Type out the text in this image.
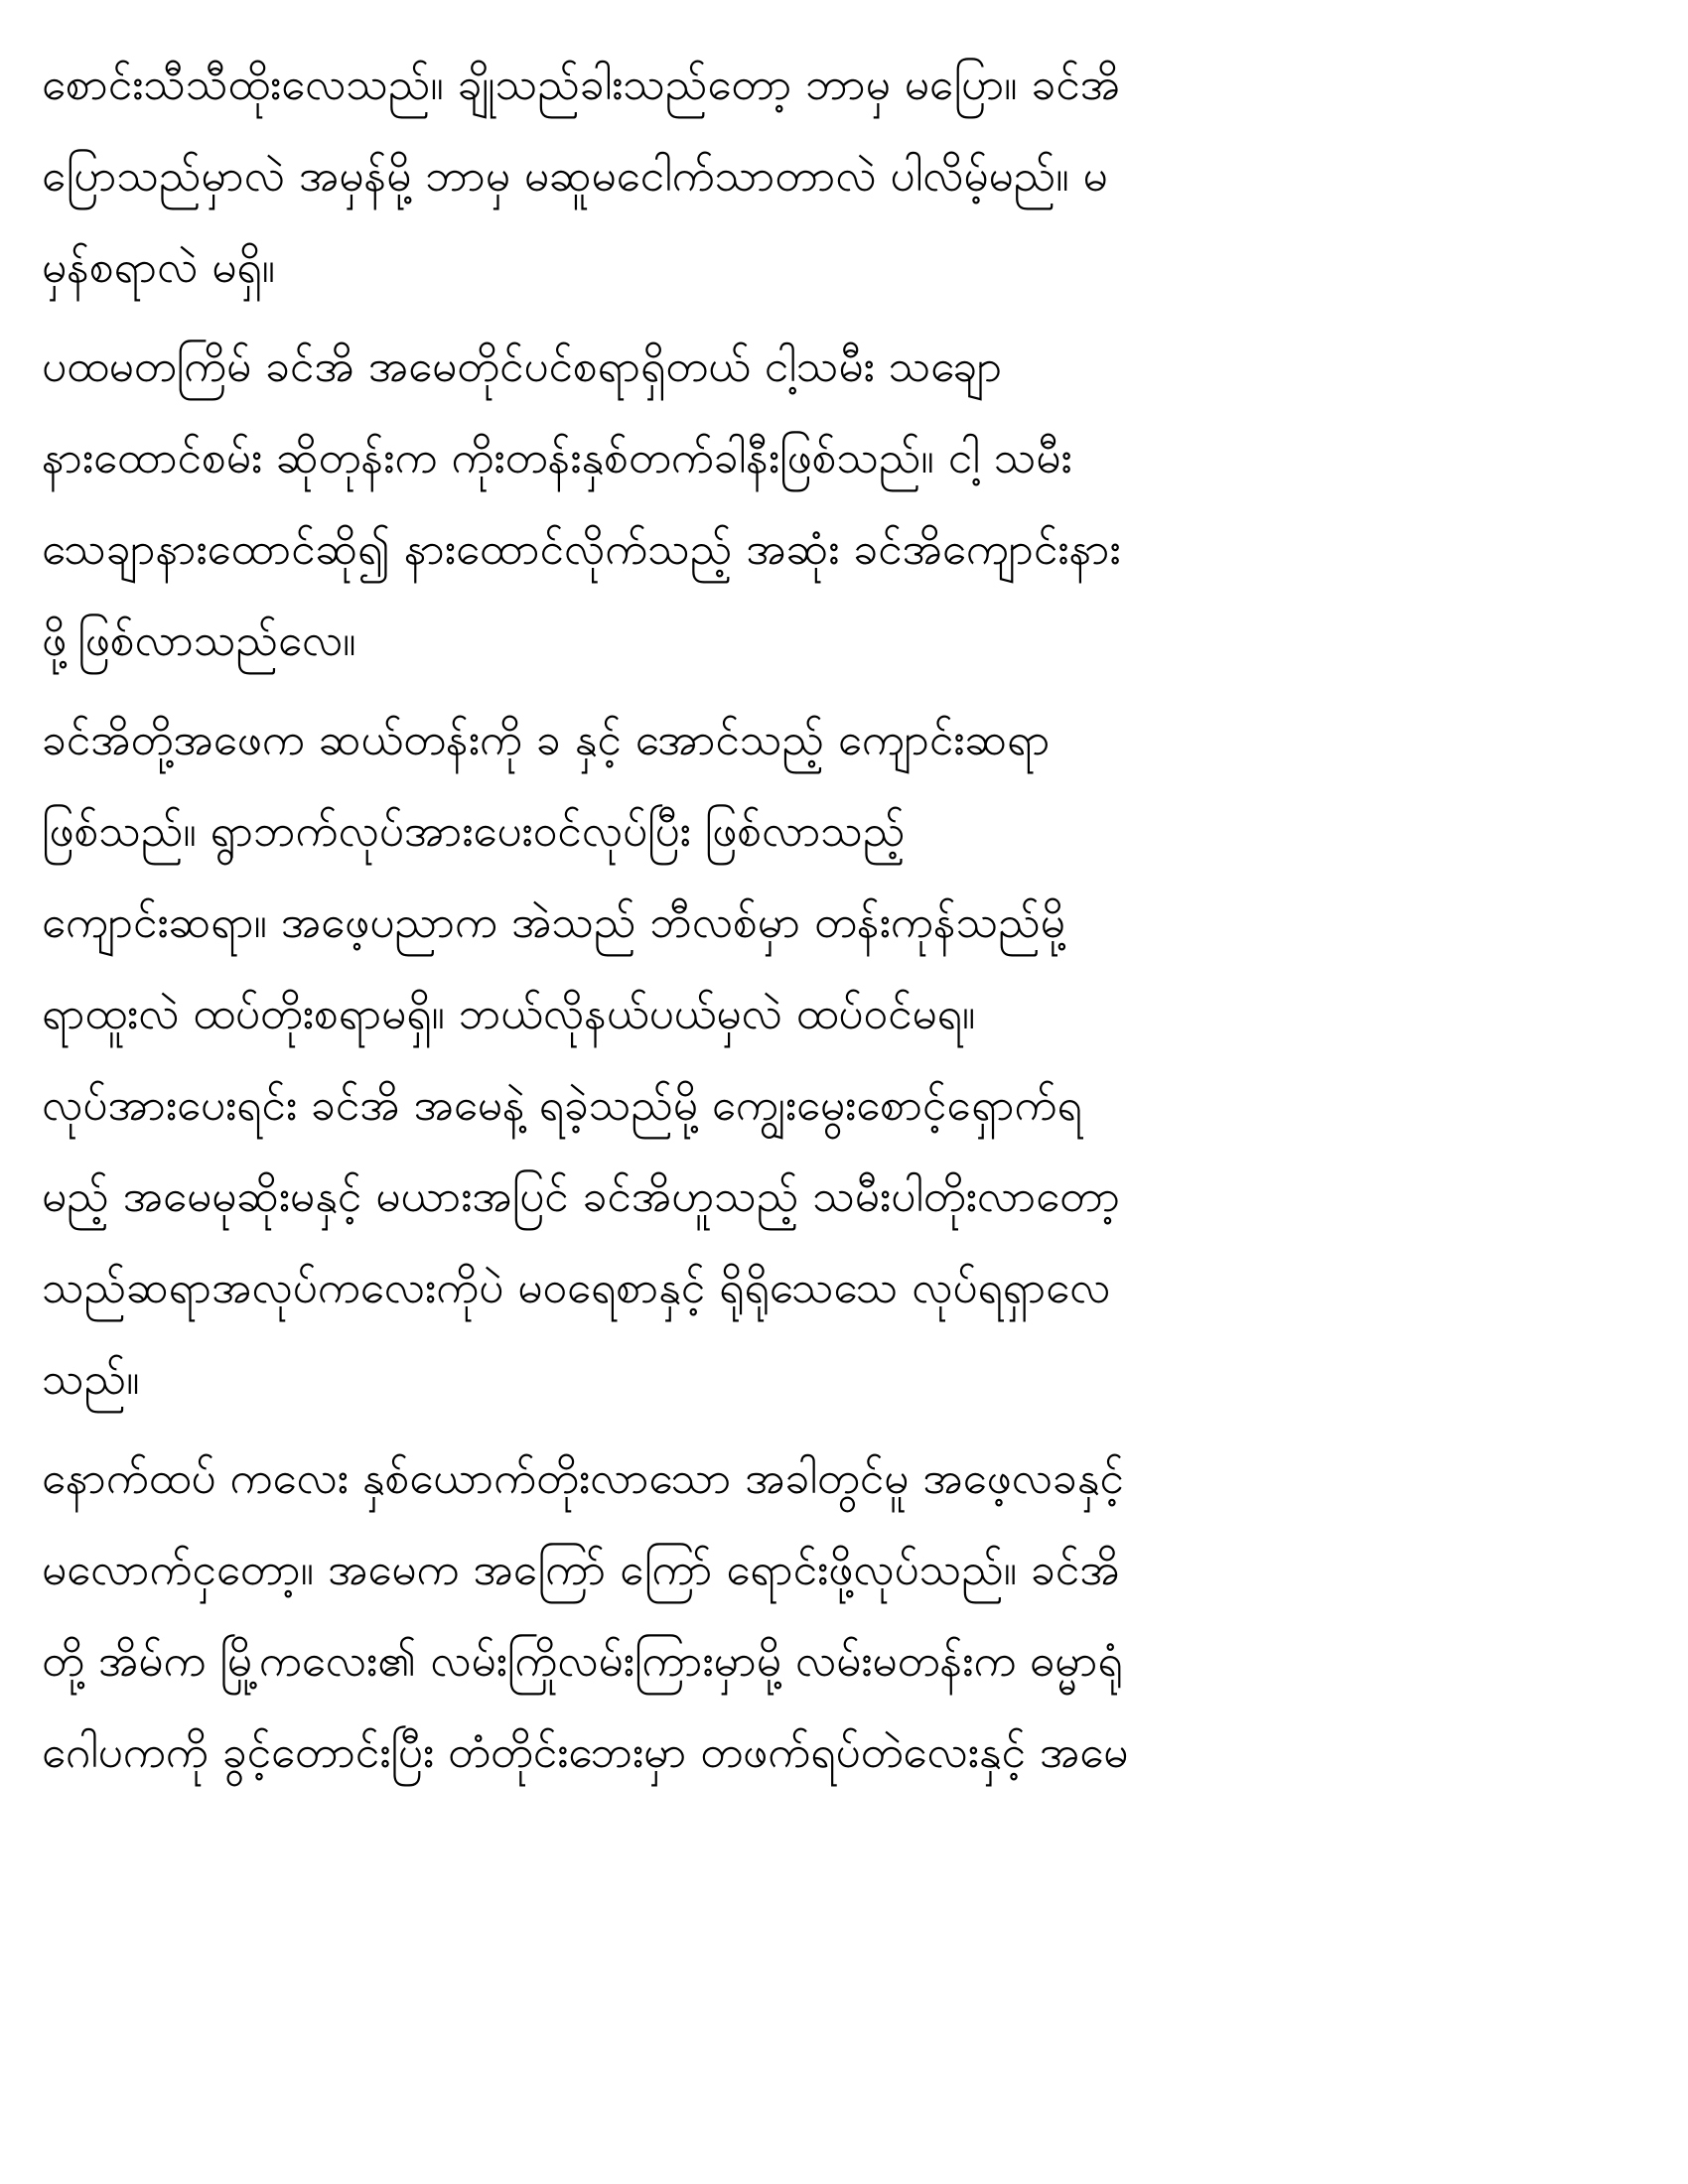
စောင်းသီသီထိုးလေသည်။ ချိုသည်ခါးသည်တော့ ဘာမှ မပြော။ ခင်အိ
ပြောသည်မှာလဲ အမှန်မို့ ဘာမှ မဆူမငေါက်သာတာလဲ ပါလိမ့်မည်။ မ
မှန်စရာလဲ မရှိ။
ပထမတကြိမ် ခင်အိ အမေတိုင်ပင်စရာရှိတယ် ငါ့သမီး သချော
နားထောင်စမ်း ဆိုတုန်းက ကိုးတန်းနှစ်တက်ခါနီးဖြစ်သည်။ ငါ့ သမီး
သေချာနားထောင်ဆို၍ နားထောင်လိုက်သည့် အဆုံး ခင်အိကျောင်းနား
ဖို့ဖြစ်လာသည်လေ။
ခင်အိတို့အဖေက ဆယ်တန်းကို ခ နှင့် အောင်သည့် ကျောင်းဆရာ
ဖြစ်သည်။ ရွာဘက်လုပ်အားပေးဝင်လုပ်ပြီး ဖြစ်လာသည့်
ကျောင်းဆရာ။ အဖေ့ပညာက အဲသည် ဘီလစ်မှာ တန်းကုန်သည်မို့
ရာထူးလဲ ထပ်တိုးစရာမရှိ။ ဘယ်လိုနယ်ပယ်မှလဲ ထပ်ဝင်မရ။
လုပ်အားပေးရင်း ခင်အိ အမေနဲ့ ရခဲ့သည်မို့ ကျွေးမွေးစောင့်ရှောက်ရ
မည့် အမေမုဆိုးမနှင့် မယားအပြင် ခင်အိဟူသည့် သမီးပါတိုးလာတော့
သည်ဆရာအလုပ်ကလေးကိုပဲ မဝရေစာနှင့် ရိုရိုသေသေ လုပ်ရရှာလေ
သည်။
နောက်ထပ် ကလေး နှစ်ယောက်တိုးလာသော အခါတွင်မူ အဖေ့လခနှင့်
မလောက်ငှတော့။ အမေက အကြော် ကြော် ရောင်းဖို့လုပ်သည်။ ခင်အိ
တို့ အိမ်က မြို့ကလေး၏ လမ်းကြိုလမ်းကြားမှာမို့ လမ်းမတန်းက ဓမ္မာရုံ
ဂေါပကကို ခွင့်တောင်းပြီး တံတိုင်းဘေးမှာ တဖက်ရပ်တဲလေးနှင့် အမေ
